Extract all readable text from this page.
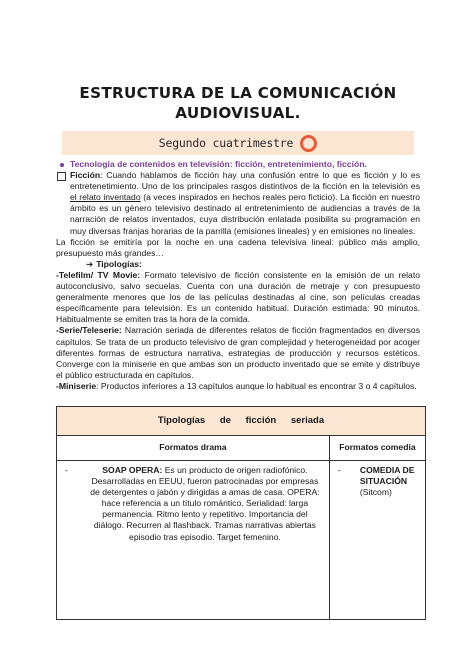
ESTRUCTURA DE LA COMUNICACIÓN
AUDIOVISUAL.
Segundo cuatrimestre
Tecnología de contenidos en televisión: ficción, entretenimiento, ficción.
Ficción: Cuando hablamos de ficción hay una confusión entre lo que es ficción y lo es entretenetimiento. Uno de los principales rasgos distintivos de la ficción en la televisión es el relato inventado (a veces inspirados en hechos reales pero ficticio). La ficción en nuestro ámbito es un género televisivo destinado al entretenimiento de audiencias a través de la narración de relatos inventados, cuya distribución enlatada posibilita su programación en muy diversas franjas horarias de la parrilla (emisiones lineales) y en emisiones no lineales.
La ficción se emitiría por la noche en una cadena televisiva lineal: público más amplio, presupuesto más grandes…
➔ Tipologías:
-Telefilm/ TV Movie: Formato televisivo de ficción consistente en la emisión de un relato autoconclusivo, salvo secuelas. Cuenta con una duración de metraje y con presupuesto generalmente menores que los de las películas destinadas al cine, son películas creadas específicamente para televisión. Es un contenido habitual. Duración estimada: 90 minutos. Habitualmente se emiten tras la hora de la comida.
-Serie/Teleserie: Narración seriada de diferentes relatos de ficción fragmentados en diversos capítulos. Se trata de un producto televisivo de gran complejidad y heterogeneidad por acoger diferentes formas de estructura narrativa, estrategias de producción y recursos estéticos. Converge con la miniserie en que ambas son un producto inventado que se emite y distribuye el público estructurada en capítulos.
-Miniserie: Productos inferiores a 13 capítulos aunque lo habitual es encontrar 3 o 4 capítulos.
Tipologías de ficción seriada	
Formatos drama	Formatos comedia

- SOAP OPERA: Es un producto de origen radiofónico. Desarrolladas en EEUU, fueron patrocinadas por empresas de detergentes o jabón y dirigidas a amas de casa. OPERA: hace referencia a un título romántico. Serialidad: larga permanencia. Ritmo lento y repetitivo. Importancia del diálogo. Recurren al flashback. Tramas narrativas abiertas episodio tras episodio. Target femenino.	- COMEDIA DE SITUACIÓN (Sitcom)
